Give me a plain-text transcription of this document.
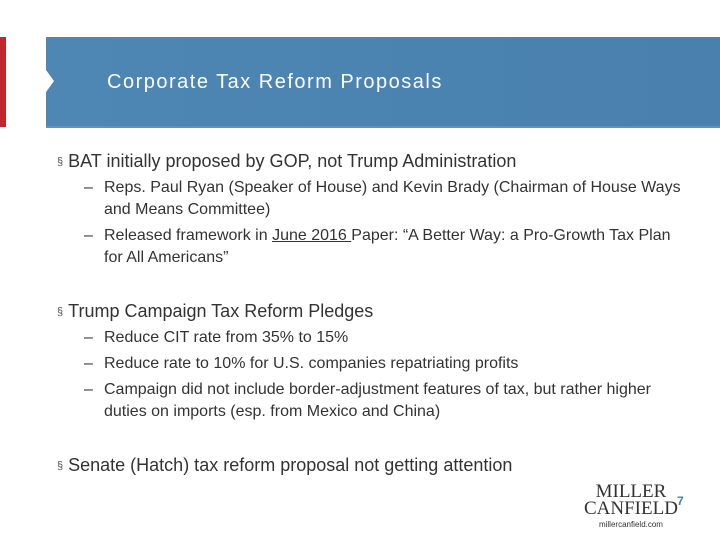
Corporate Tax Reform Proposals
§ BAT initially proposed by GOP, not Trump Administration
– Reps. Paul Ryan (Speaker of House) and Kevin Brady (Chairman of House Ways and Means Committee)
– Released framework in June 2016 Paper: “A Better Way: a Pro-Growth Tax Plan for All Americans”
§ Trump Campaign Tax Reform Pledges
– Reduce CIT rate from 35% to 15%
– Reduce rate to 10% for U.S. companies repatriating profits
– Campaign did not include border-adjustment features of tax, but rather higher duties on imports (esp. from Mexico and China)
§ Senate (Hatch) tax reform proposal not getting attention
MILLER
CANFIELD
millercanfield.com
7
